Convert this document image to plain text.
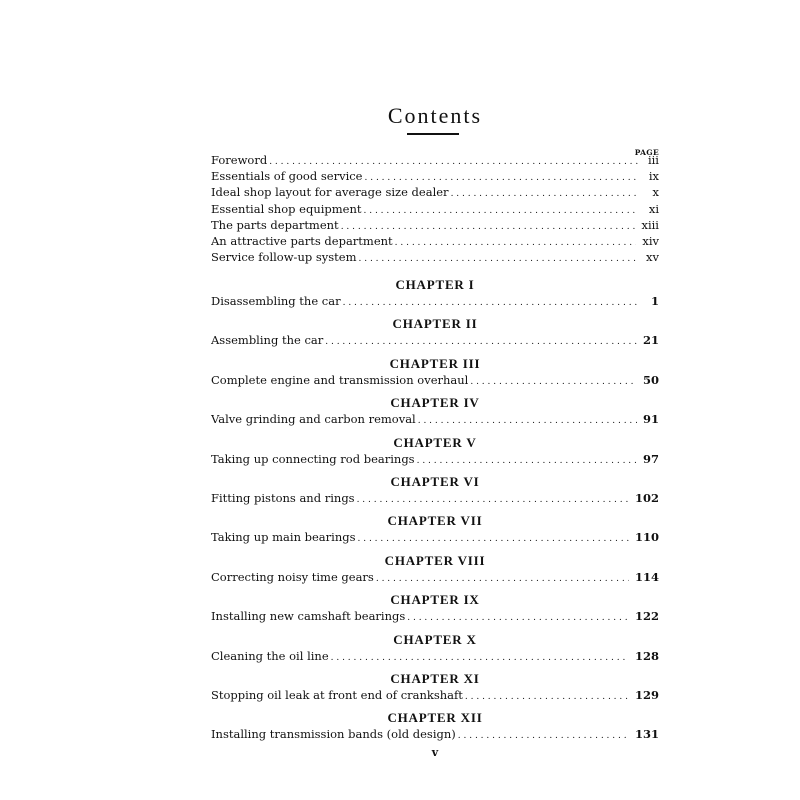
Contents
PAGE
Foreword . . .	iii
Essentials of good service . . .	ix
Ideal shop layout for average size dealer . . .	x
Essential shop equipment . . .	xi
The parts department . . .	xiii
An attractive parts department . . .	xiv
Service follow-up system . . .	xv
CHAPTER I
Disassembling the car . . .	1
CHAPTER II
Assembling the car . . .	21
CHAPTER III
Complete engine and transmission overhaul . . .	50
CHAPTER IV
Valve grinding and carbon removal . . .	91
CHAPTER V
Taking up connecting rod bearings . . .	97
CHAPTER VI
Fitting pistons and rings . . .	102
CHAPTER VII
Taking up main bearings . . .	110
CHAPTER VIII
Correcting noisy time gears . . .	114
CHAPTER IX
Installing new camshaft bearings . . .	122
CHAPTER X
Cleaning the oil line . . .	128
CHAPTER XI
Stopping oil leak at front end of crankshaft . . .	129
CHAPTER XII
Installing transmission bands (old design) . . .	131
v
